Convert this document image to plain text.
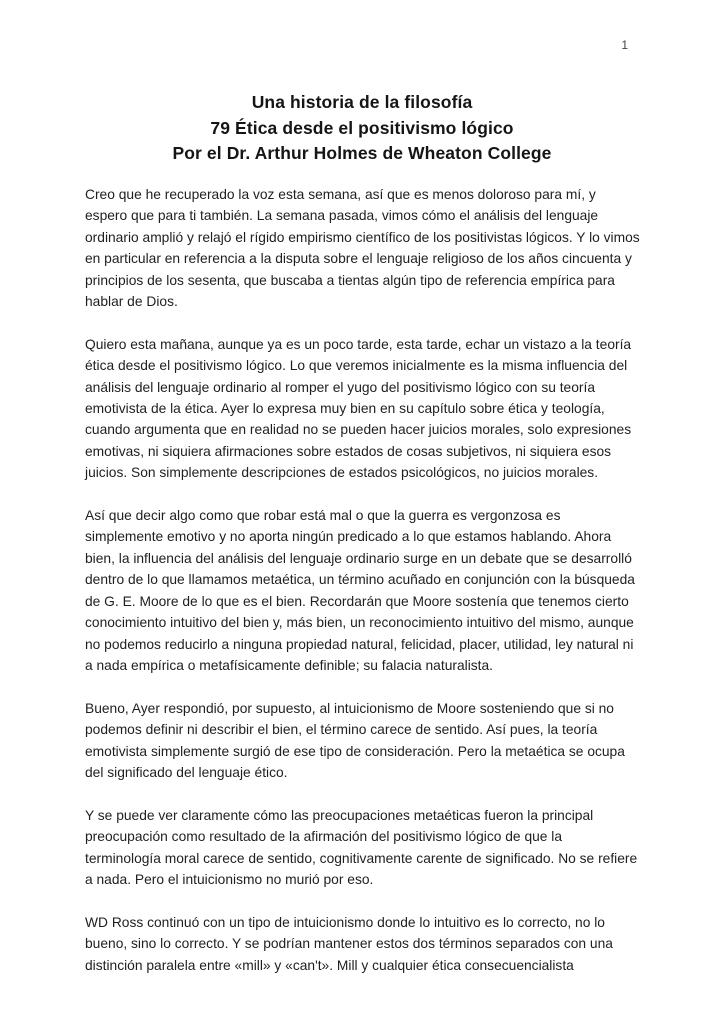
1
Una historia de la filosofía
79 Ética desde el positivismo lógico
Por el Dr. Arthur Holmes de Wheaton College

Creo que he recuperado la voz esta semana, así que es menos doloroso para mí, y espero que para ti también. La semana pasada, vimos cómo el análisis del lenguaje ordinario amplió y relajó el rígido empirismo científico de los positivistas lógicos. Y lo vimos en particular en referencia a la disputa sobre el lenguaje religioso de los años cincuenta y principios de los sesenta, que buscaba a tientas algún tipo de referencia empírica para hablar de Dios.

Quiero esta mañana, aunque ya es un poco tarde, esta tarde, echar un vistazo a la teoría ética desde el positivismo lógico. Lo que veremos inicialmente es la misma influencia del análisis del lenguaje ordinario al romper el yugo del positivismo lógico con su teoría emotivista de la ética. Ayer lo expresa muy bien en su capítulo sobre ética y teología, cuando argumenta que en realidad no se pueden hacer juicios morales, solo expresiones emotivas, ni siquiera afirmaciones sobre estados de cosas subjetivos, ni siquiera esos juicios. Son simplemente descripciones de estados psicológicos, no juicios morales.

Así que decir algo como que robar está mal o que la guerra es vergonzosa es simplemente emotivo y no aporta ningún predicado a lo que estamos hablando. Ahora bien, la influencia del análisis del lenguaje ordinario surge en un debate que se desarrolló dentro de lo que llamamos metaética, un término acuñado en conjunción con la búsqueda de G. E. Moore de lo que es el bien. Recordarán que Moore sostenía que tenemos cierto conocimiento intuitivo del bien y, más bien, un reconocimiento intuitivo del mismo, aunque no podemos reducirlo a ninguna propiedad natural, felicidad, placer, utilidad, ley natural ni a nada empírica o metafísicamente definible; su falacia naturalista.

Bueno, Ayer respondió, por supuesto, al intuicionismo de Moore sosteniendo que si no podemos definir ni describir el bien, el término carece de sentido. Así pues, la teoría emotivista simplemente surgió de ese tipo de consideración. Pero la metaética se ocupa del significado del lenguaje ético.

Y se puede ver claramente cómo las preocupaciones metaéticas fueron la principal preocupación como resultado de la afirmación del positivismo lógico de que la terminología moral carece de sentido, cognitivamente carente de significado. No se refiere a nada. Pero el intuicionismo no murió por eso.

WD Ross continuó con un tipo de intuicionismo donde lo intuitivo es lo correcto, no lo bueno, sino lo correcto. Y se podrían mantener estos dos términos separados con una distinción paralela entre «mill» y «can't». Mill y cualquier ética consecuencialista
